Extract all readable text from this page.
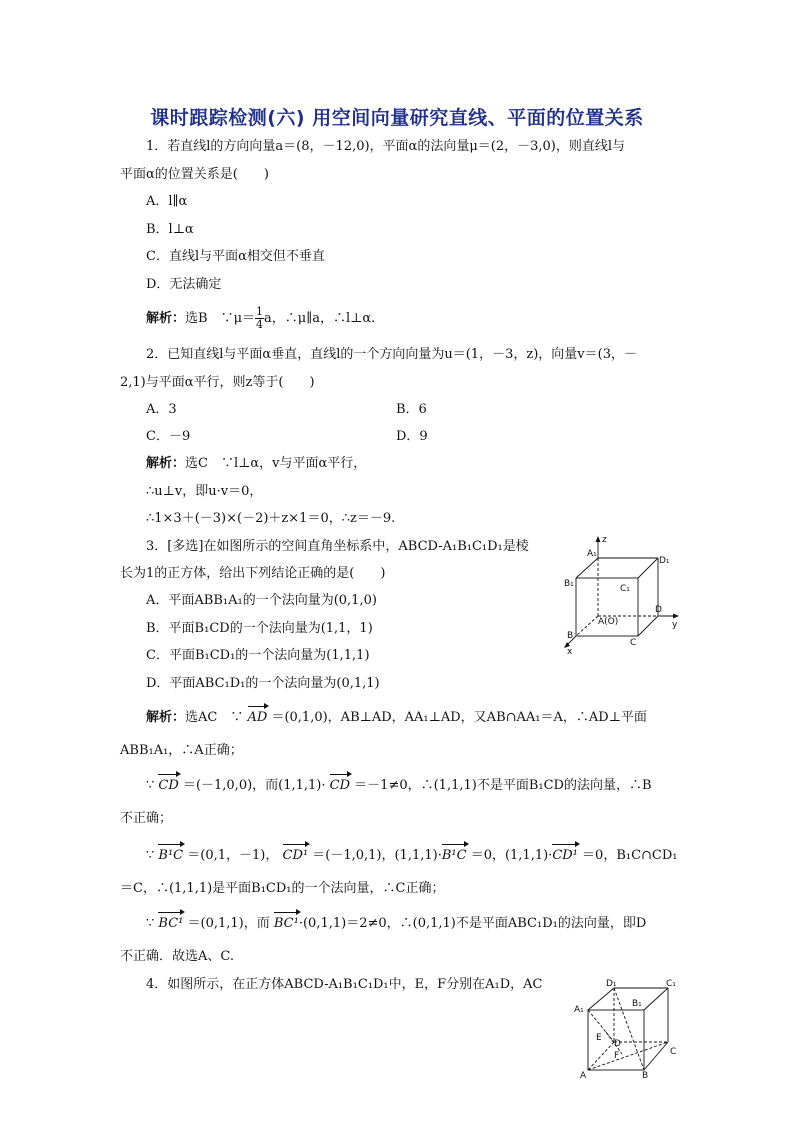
课时跟踪检测(六) 用空间向量研究直线、平面的位置关系
1．若直线l的方向向量a＝(8，－12,0)，平面α的法向量μ＝(2，－3,0)，则直线l与
平面α的位置关系是(　　)
A．l∥α
B．l⊥α
C．直线l与平面α相交但不垂直
D．无法确定
解析：选B　∵μ＝ $\frac{1}{4}$ a，∴μ∥a，∴l⊥α.
2．已知直线l与平面α垂直，直线l的一个方向向量为u＝(1，－3，z)，向量v＝(3，－
2,1)与平面α平行，则z等于(　　)
A．3	B．6
C．－9	D．9
解析：选C　∵l⊥α，v与平面α平行，
∴u⊥v，即u·v＝0，
∴1×3＋(－3)×(－2)＋z×1＝0，∴z＝－9.
3．[多选]在如图所示的空间直角坐标系中，ABCD-A₁B₁C₁D₁是棱
长为1的正方体，给出下列结论正确的是(　　)
A．平面ABB₁A₁的一个法向量为(0,1,0)
B．平面B₁CD的一个法向量为(1,1，1)
C．平面B₁CD₁的一个法向量为(1,1,1)
D．平面ABC₁D₁的一个法向量为(0,1,1)
z
y
x
A₁
D₁
B₁	C₁
D
A(O)
B
C
解析：选AC　∵ AD ＝(0,1,0)，AB⊥AD，AA₁⊥AD，又AB∩AA₁＝A，∴AD⊥平面
ABB₁A₁，∴A正确；
∵ CD ＝(－1,0,0)，而(1,1,1)· CD ＝－1≠0，∴(1,1,1)不是平面B₁CD的法向量，∴B
不正确；
∵ B¹C ＝(0,1，－1)， CD¹ ＝(－1,0,1)，(1,1,1)·B¹C ＝0，(1,1,1)·CD¹ ＝0，B₁C∩CD₁
＝C，∴(1,1,1)是平面B₁CD₁的一个法向量，∴C正确；
∵ BC¹ ＝(0,1,1)，而 BC¹·(0,1,1)＝2≠0，∴(0,1,1)不是平面ABC₁D₁的法向量，即D
不正确．故选A、C.
4．如图所示，在正方体ABCD-A₁B₁C₁D₁中，E，F分别在A₁D，AC	D₁	C₁
A₁
B₁
D
E
F	C
A	B
